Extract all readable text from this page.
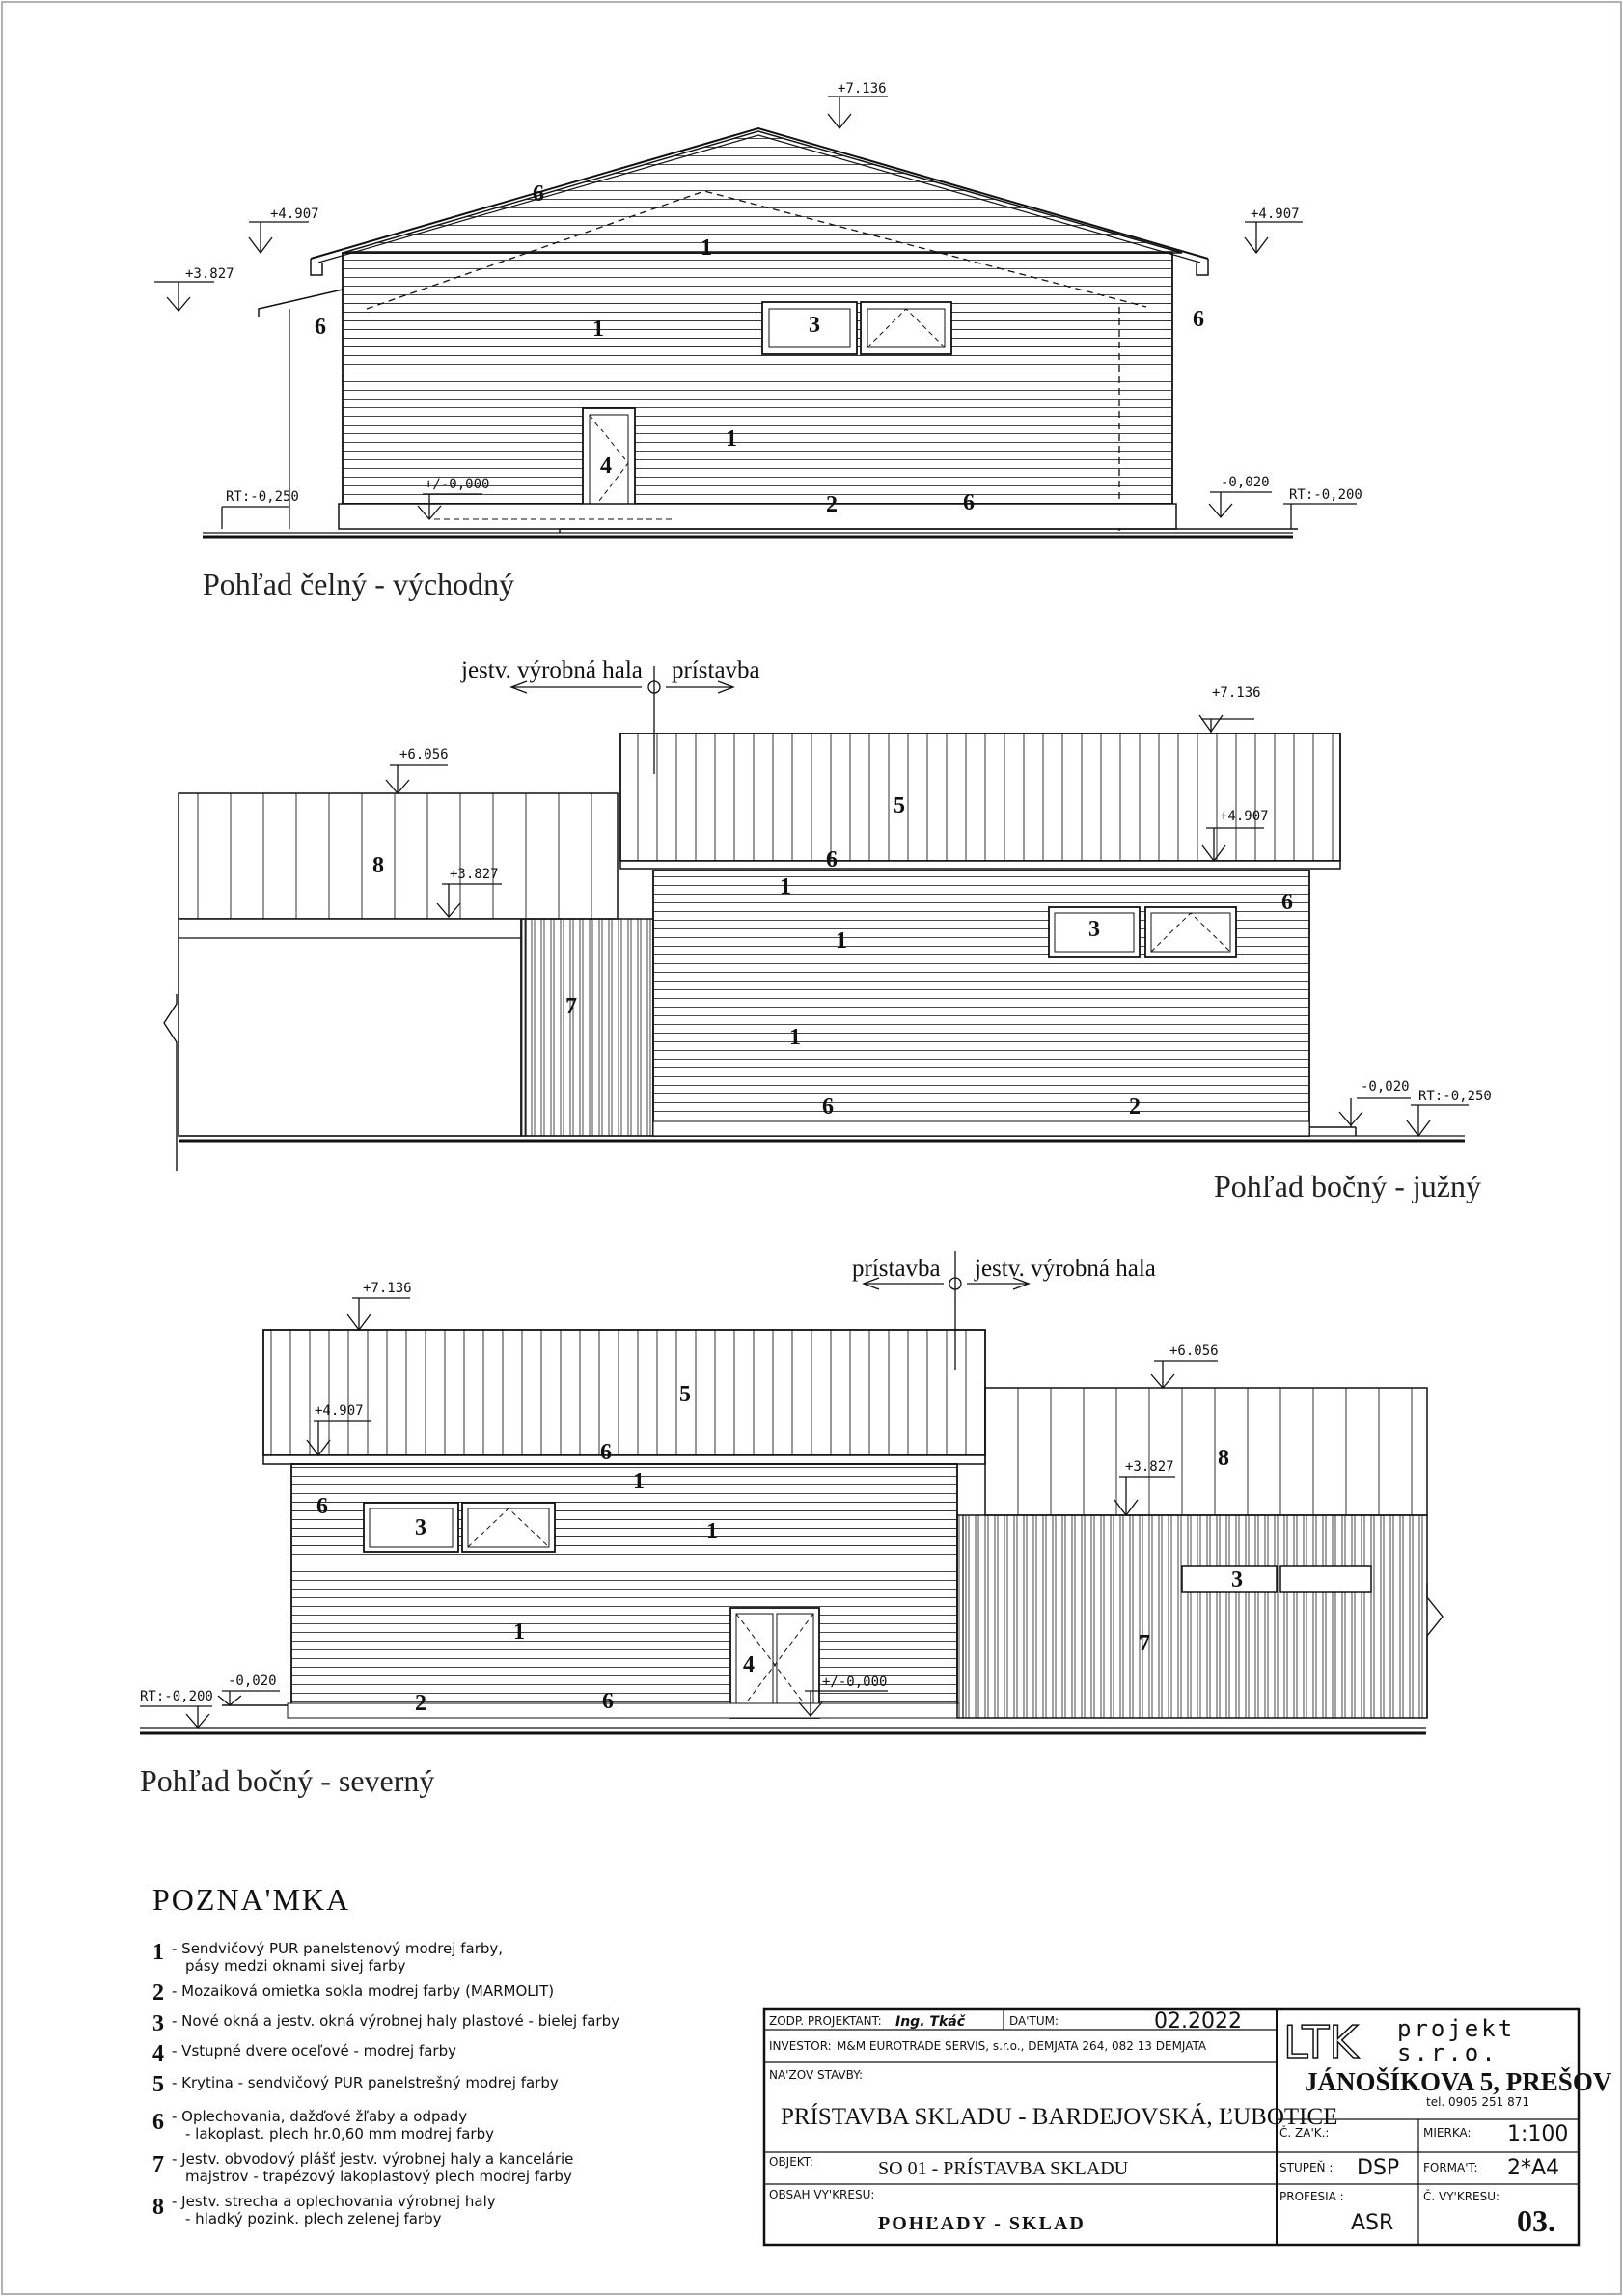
+7.136
+4.907	+4.907
+3.827
RT:-0,250
+/-0,000	-0,020
RT:-0,200
6
1
6	6
1	3
1
4
2	6
Pohľad čelný - východný
jestv. výrobná hala prístavba
+7.136
+6.056
+3.827
+4.907
-0,020
RT:-0,250
5
6
1
1	3
6
8
7
1
6	2
Pohľad bočný - južný
prístavba jestv. výrobná hala
+7.136
+4.907
+6.056
+3.827
RT:-0,200
-0,020	+/-0,000
5
6
1
6
3	1
1
4
2	6
8
3
7
Pohľad bočný - severný
POZNA'MKA
1 - Sendvičový PUR panelstenový modrej farby,
pásy medzi oknami sivej farby
2 - Mozaiková omietka sokla modrej farby (MARMOLIT)
3 - Nové okná a jestv. okná výrobnej haly plastové - bielej farby
4 - Vstupné dvere oceľové - modrej farby
5 - Krytina - sendvičový PUR panelstrešný modrej farby
6 - Oplechovania, dažďové žľaby a odpady
- lakoplast. plech hr.0,60 mm modrej farby
7 - Jestv. obvodový plášť jestv. výrobnej haly a kancelárie
majstrov - trapézový lakoplastový plech modrej farby
8 - Jestv. strecha a oplechovania výrobnej haly
- hladký pozink. plech zelenej farby
ZODP. PROJEKTANT: Ing. Tkáč	DA'TUM:	02.2022
INVESTOR: M&M EUROTRADE SERVIS, s.r.o., DEMJATA 264, 082 13 DEMJATA
NA'ZOV STAVBY:
PRÍSTAVBA SKLADU - BARDEJOVSKÁ, ĽUBOTICE
OBJEKT:	SO 01 - PRÍSTAVBA SKLADU
OBSAH VY'KRESU:
POHĽADY - SKLAD
LTK projekt
s.r.o.
JÁNOŠÍKOVA 5, PREŠOV
tel. 0905 251 871
Č. ZA'K.:	MIERKA: 1:100
STUPEŇ : DSP FORMA'T: 2*A4
PROFESIA :
ASR
Č. VY'KRESU:
03.
